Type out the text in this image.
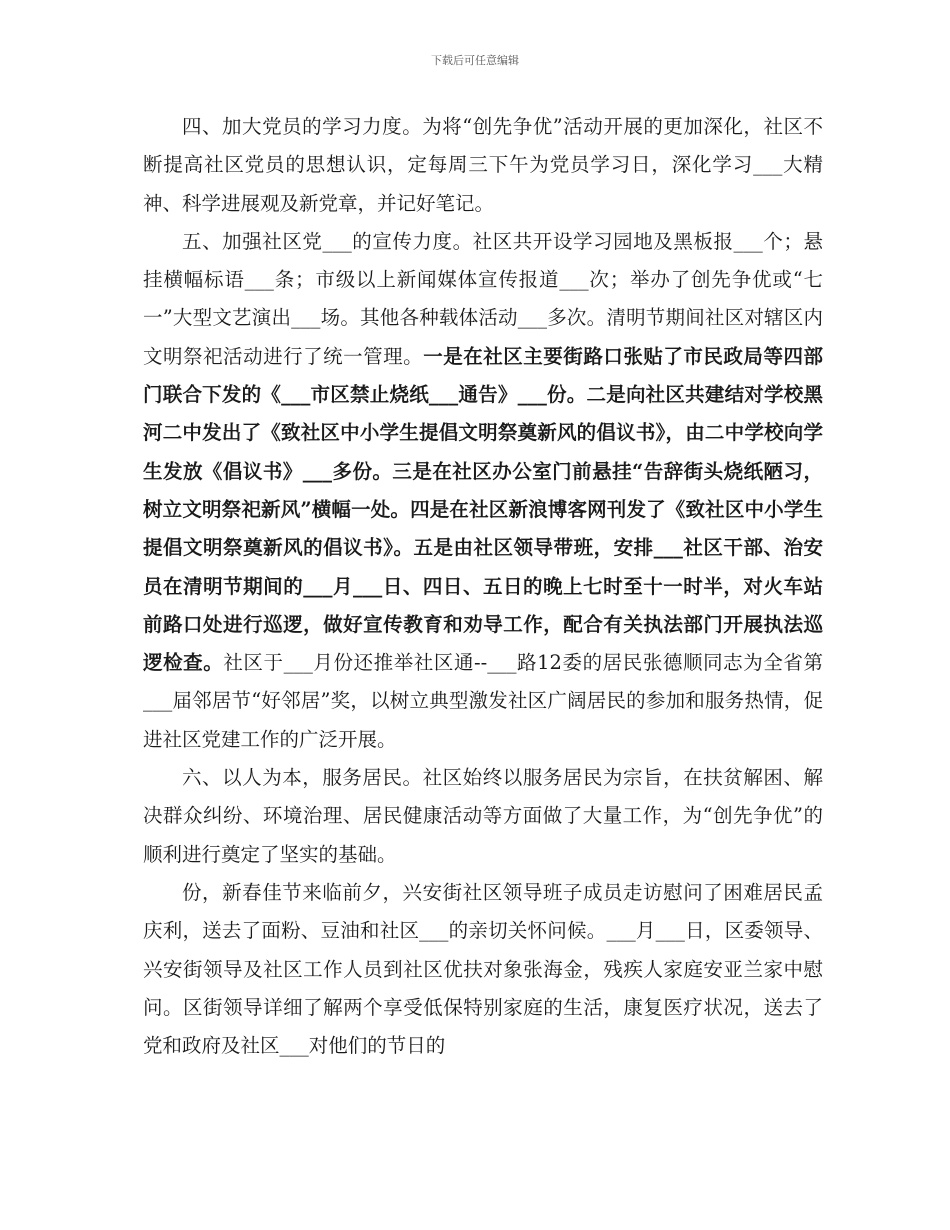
下载后可任意编辑

四、加大党员的学习力度。为将“创先争优”活动开展的更加深化，社区不断提高社区党员的思想认识，定每周三下午为党员学习日，深化学习___大精神、科学进展观及新党章，并记好笔记。

五、加强社区党___的宣传力度。社区共开设学习园地及黑板报___个；悬挂横幅标语___条；市级以上新闻媒体宣传报道___次；举办了创先争优或“七一”大型文艺演出___场。其他各种载体活动___多次。清明节期间社区对辖区内文明祭祀活动进行了统一管理。一是在社区主要街路口张贴了市民政局等四部门联合下发的《___市区禁止烧纸___通告》___份。二是向社区共建结对学校黑河二中发出了《致社区中小学生提倡文明祭奠新风的倡议书》，由二中学校向学生发放《倡议书》___多份。三是在社区办公室门前悬挂“告辞街头烧纸陋习，树立文明祭祀新风”横幅一处。四是在社区新浪博客网刊发了《致社区中小学生提倡文明祭奠新风的倡议书》。五是由社区领导带班，安排___社区干部、治安员在清明节期间的___月___日、四日、五日的晚上七时至十一时半，对火车站前路口处进行巡逻，做好宣传教育和劝导工作，配合有关执法部门开展执法巡逻检查。社区于___月份还推举社区通--___路12委的居民张德顺同志为全省第___届邻居节“好邻居”奖，以树立典型激发社区广阔居民的参加和服务热情，促进社区党建工作的广泛开展。

六、以人为本，服务居民。社区始终以服务居民为宗旨，在扶贫解困、解决群众纠纷、环境治理、居民健康活动等方面做了大量工作，为“创先争优”的顺利进行奠定了坚实的基础。

份，新春佳节来临前夕，兴安街社区领导班子成员走访慰问了困难居民孟庆利，送去了面粉、豆油和社区___的亲切关怀问候。___月___日，区委领导、兴安街领导及社区工作人员到社区优扶对象张海金，残疾人家庭安亚兰家中慰问。区街领导详细了解两个享受低保特别家庭的生活，康复医疗状况，送去了党和政府及社区___对他们的节日的
